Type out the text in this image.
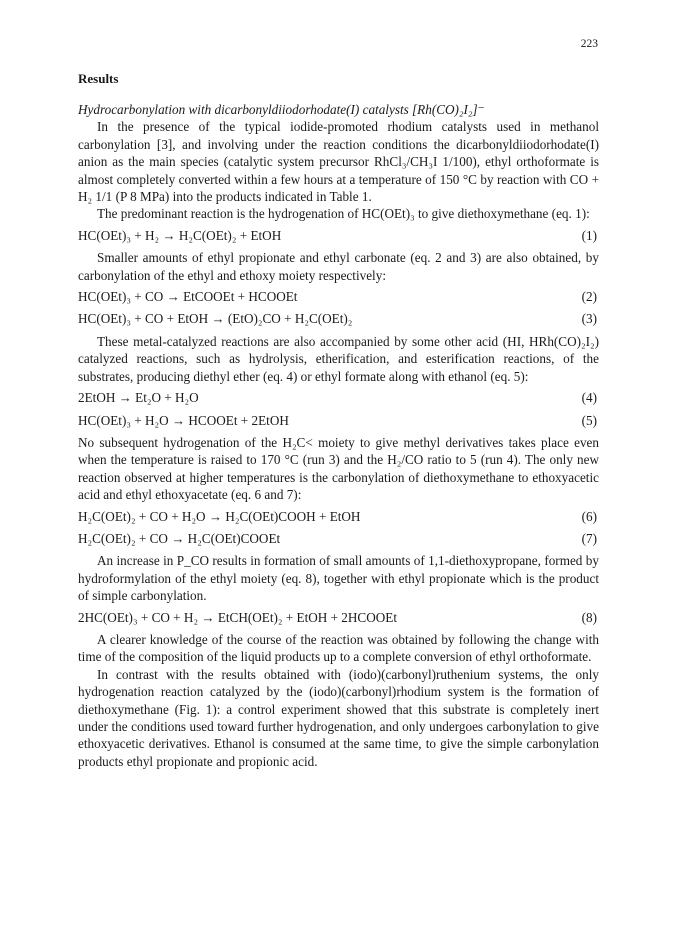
223
Results

Hydrocarbonylation with dicarbonyldiiodorhodate(I) catalysts [Rh(CO)₂I₂]⁻

In the presence of the typical iodide-promoted rhodium catalysts used in methanol carbonylation [3], and involving under the reaction conditions the dicarbonyldiiodorhodate(I) anion as the main species (catalytic system precursor RhCl₃/CH₃I 1/100), ethyl orthoformate is almost completely converted within a few hours at a temperature of 150 °C by reaction with CO + H₂ 1/1 (P 8 MPa) into the products indicated in Table 1.

The predominant reaction is the hydrogenation of HC(OEt)₃ to give diethoxymethane (eq. 1):

HC(OEt)₃ + H₂ → H₂C(OEt)₂ + EtOH	(1)

Smaller amounts of ethyl propionate and ethyl carbonate (eq. 2 and 3) are also obtained, by carbonylation of the ethyl and ethoxy moiety respectively:

HC(OEt)₃ + CO → EtCOOEt + HCOOEt	(2)
HC(OEt)₃ + CO + EtOH → (EtO)₂CO + H₂C(OEt)₂	(3)

These metal-catalyzed reactions are also accompanied by some other acid (HI, HRh(CO)₂I₂) catalyzed reactions, such as hydrolysis, etherification, and esterification reactions, of the substrates, producing diethyl ether (eq. 4) or ethyl formate along with ethanol (eq. 5):

2EtOH → Et₂O + H₂O	(4)
HC(OEt)₃ + H₂O → HCOOEt + 2EtOH	(5)

No subsequent hydrogenation of the H₂C< moiety to give methyl derivatives takes place even when the temperature is raised to 170 °C (run 3) and the H₂/CO ratio to 5 (run 4). The only new reaction observed at higher temperatures is the carbonylation of diethoxymethane to ethoxyacetic acid and ethyl ethoxyacetate (eq. 6 and 7):

H₂C(OEt)₂ + CO + H₂O → H₂C(OEt)COOH + EtOH	(6)
H₂C(OEt)₂ + CO → H₂C(OEt)COOEt	(7)

An increase in P_CO results in formation of small amounts of 1,1-diethoxypropane, formed by hydroformylation of the ethyl moiety (eq. 8), together with ethyl propionate which is the product of simple carbonylation.

2HC(OEt)₃ + CO + H₂ → EtCH(OEt)₂ + EtOH + 2HCOOEt	(8)

A clearer knowledge of the course of the reaction was obtained by following the change with time of the composition of the liquid products up to a complete conversion of ethyl orthoformate.

In contrast with the results obtained with (iodo)(carbonyl)ruthenium systems, the only hydrogenation reaction catalyzed by the (iodo)(carbonyl)rhodium system is the formation of diethoxymethane (Fig. 1): a control experiment showed that this substrate is completely inert under the conditions used toward further hydrogenation, and only undergoes carbonylation to give ethoxyacetic derivatives. Ethanol is consumed at the same time, to give the simple carbonylation products ethyl propionate and propionic acid.
